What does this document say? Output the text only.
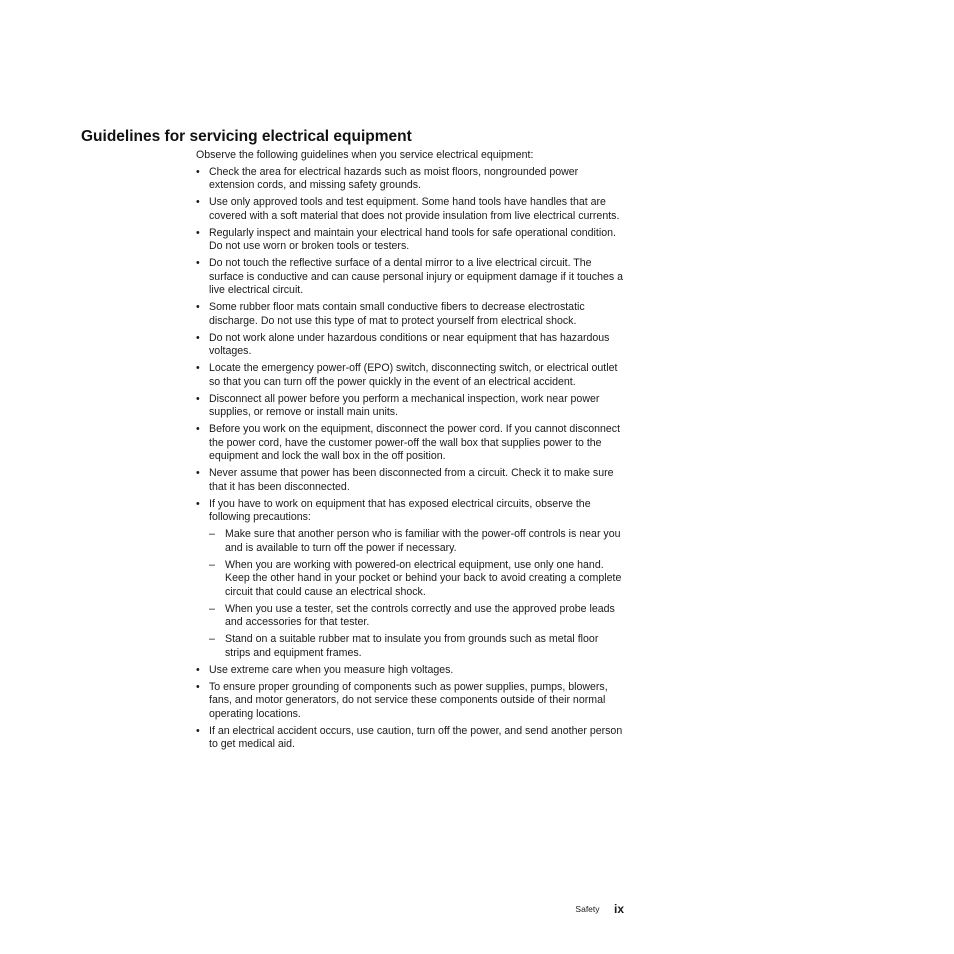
Guidelines for servicing electrical equipment

Observe the following guidelines when you service electrical equipment:

• Check the area for electrical hazards such as moist floors, nongrounded power extension cords, and missing safety grounds.
• Use only approved tools and test equipment. Some hand tools have handles that are covered with a soft material that does not provide insulation from live electrical currents.
• Regularly inspect and maintain your electrical hand tools for safe operational condition. Do not use worn or broken tools or testers.
• Do not touch the reflective surface of a dental mirror to a live electrical circuit. The surface is conductive and can cause personal injury or equipment damage if it touches a live electrical circuit.
• Some rubber floor mats contain small conductive fibers to decrease electrostatic discharge. Do not use this type of mat to protect yourself from electrical shock.
• Do not work alone under hazardous conditions or near equipment that has hazardous voltages.
• Locate the emergency power-off (EPO) switch, disconnecting switch, or electrical outlet so that you can turn off the power quickly in the event of an electrical accident.
• Disconnect all power before you perform a mechanical inspection, work near power supplies, or remove or install main units.
• Before you work on the equipment, disconnect the power cord. If you cannot disconnect the power cord, have the customer power-off the wall box that supplies power to the equipment and lock the wall box in the off position.
• Never assume that power has been disconnected from a circuit. Check it to make sure that it has been disconnected.
• If you have to work on equipment that has exposed electrical circuits, observe the following precautions:
– Make sure that another person who is familiar with the power-off controls is near you and is available to turn off the power if necessary.
– When you are working with powered-on electrical equipment, use only one hand. Keep the other hand in your pocket or behind your back to avoid creating a complete circuit that could cause an electrical shock.
– When you use a tester, set the controls correctly and use the approved probe leads and accessories for that tester.
– Stand on a suitable rubber mat to insulate you from grounds such as metal floor strips and equipment frames.
• Use extreme care when you measure high voltages.
• To ensure proper grounding of components such as power supplies, pumps, blowers, fans, and motor generators, do not service these components outside of their normal operating locations.
• If an electrical accident occurs, use caution, turn off the power, and send another person to get medical aid.
Safety ix
